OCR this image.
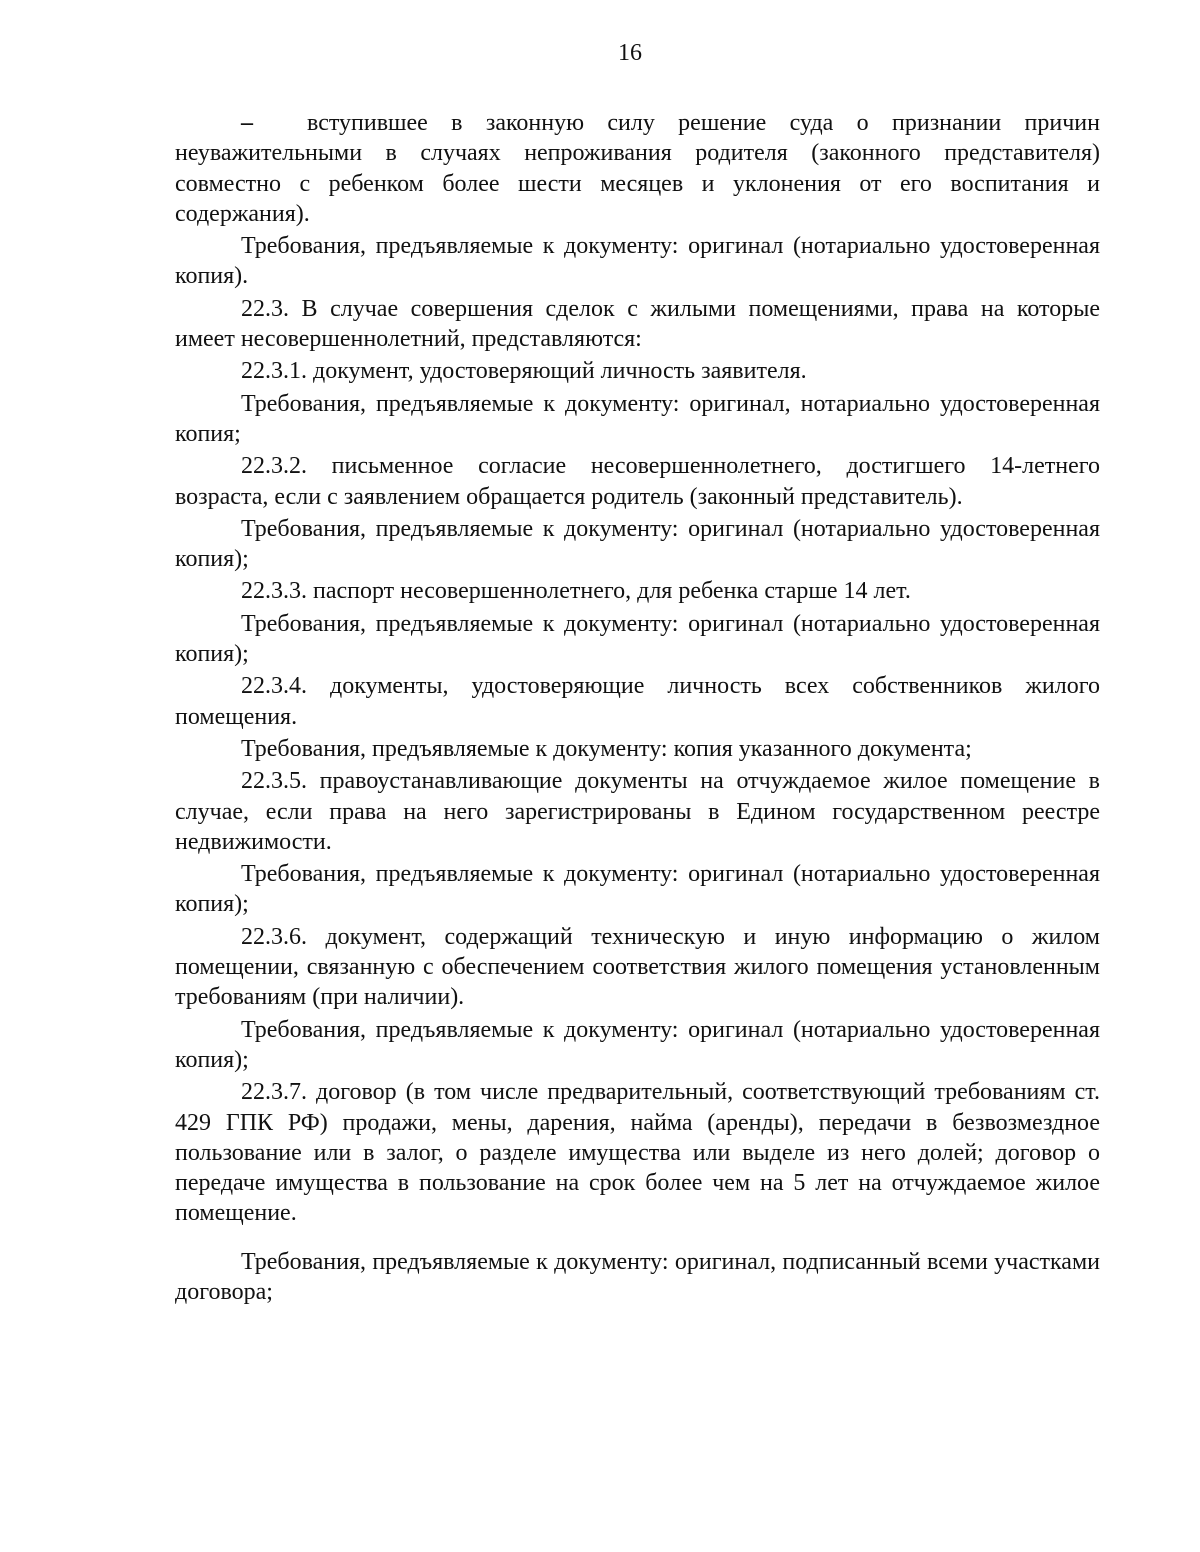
16

– вступившее в законную силу решение суда о признании причин неуважительными в случаях непроживания родителя (законного представителя) совместно с ребенком более шести месяцев и уклонения от его воспитания и содержания).

Требования, предъявляемые к документу: оригинал (нотариально удостоверенная копия).

22.3. В случае совершения сделок с жилыми помещениями, права на которые имеет несовершеннолетний, представляются:

22.3.1. документ, удостоверяющий личность заявителя.

Требования, предъявляемые к документу: оригинал, нотариально удостоверенная копия;

22.3.2. письменное согласие несовершеннолетнего, достигшего 14-летнего возраста, если с заявлением обращается родитель (законный представитель).

Требования, предъявляемые к документу: оригинал (нотариально удостоверенная копия);

22.3.3. паспорт несовершеннолетнего, для ребенка старше 14 лет.

Требования, предъявляемые к документу: оригинал (нотариально удостоверенная копия);

22.3.4. документы, удостоверяющие личность всех собственников жилого помещения.

Требования, предъявляемые к документу: копия указанного документа;

22.3.5. правоустанавливающие документы на отчуждаемое жилое помещение в случае, если права на него зарегистрированы в Едином государственном реестре недвижимости.

Требования, предъявляемые к документу: оригинал (нотариально удостоверенная копия);

22.3.6. документ, содержащий техническую и иную информацию о жилом помещении, связанную с обеспечением соответствия жилого помещения установленным требованиям (при наличии).

Требования, предъявляемые к документу: оригинал (нотариально удостоверенная копия);

22.3.7. договор (в том числе предварительный, соответствующий требованиям ст. 429 ГПК РФ) продажи, мены, дарения, найма (аренды), передачи в безвозмездное пользование или в залог, о разделе имущества или выделе из него долей; договор о передаче имущества в пользование на срок более чем на 5 лет на отчуждаемое жилое помещение.

Требования, предъявляемые к документу: оригинал, подписанный всеми участками договора;
